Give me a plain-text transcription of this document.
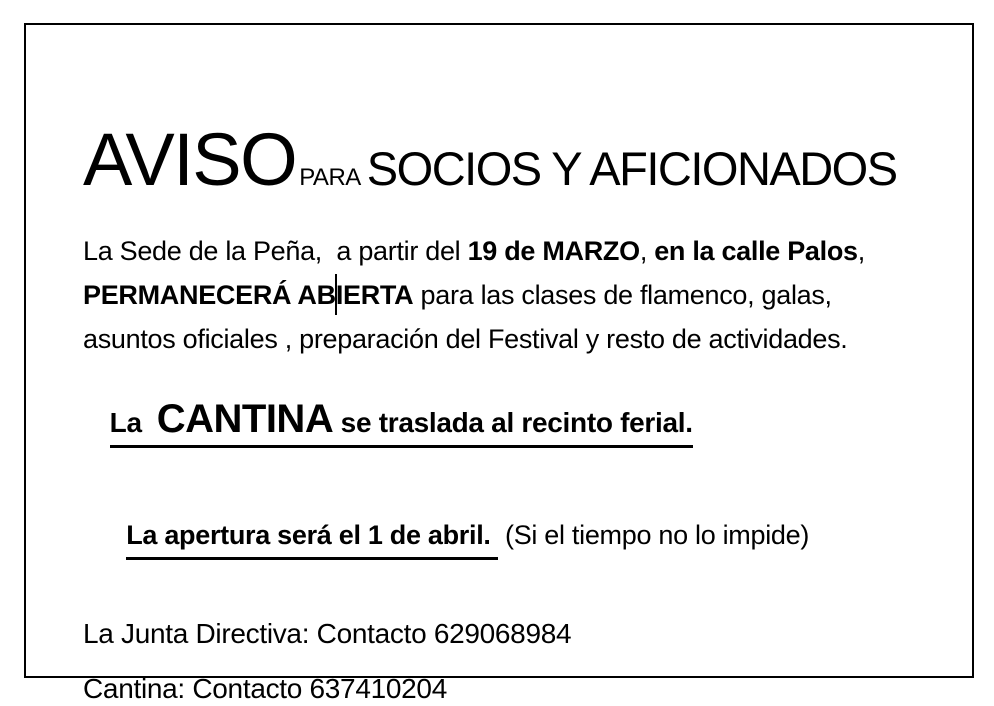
AVISO PARA SOCIOS Y AFICIONADOS
La Sede de la Peña,  a partir del 19 de MARZO, en la calle Palos,
PERMANECERÁ ABIERTA para las clases de flamenco, galas,
asuntos oficiales , preparación del Festival y resto de actividades.

La  CANTINA se traslada al recinto ferial.

La apertura será el 1 de abril.  (Si el tiempo no lo impide)

La Junta Directiva: Contacto 629068984
Cantina: Contacto 637410204
